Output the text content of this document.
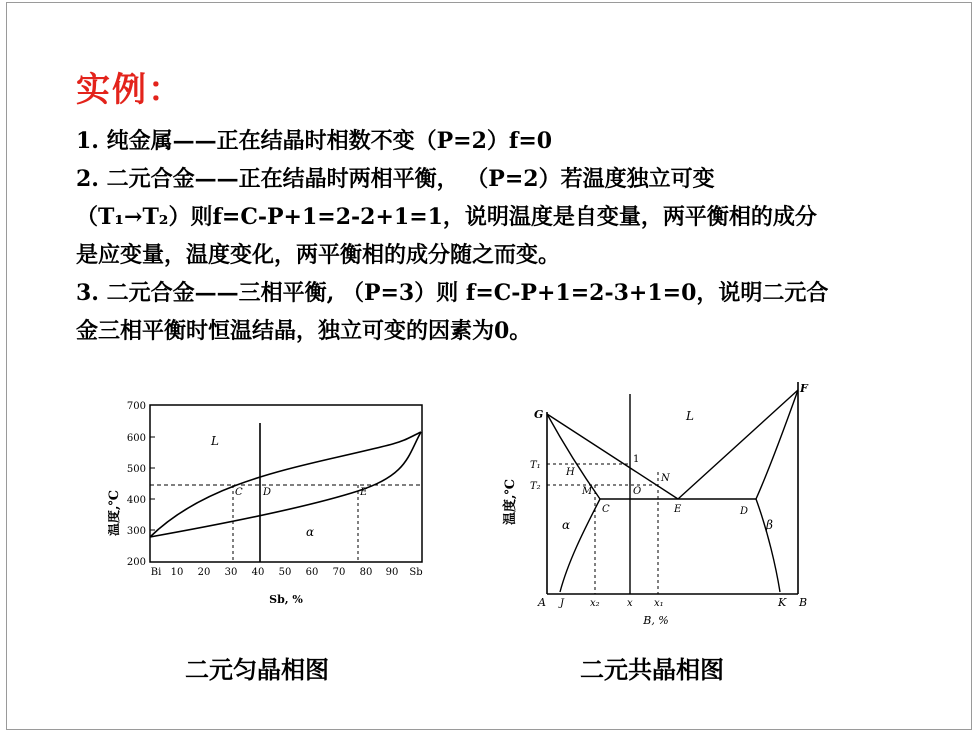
实例：

1. 纯金属——正在结晶时相数不变（P=2）f=0

2. 二元合金——正在结晶时两相平衡， （P=2）若温度独立可变

（T₁→T₂）则f=C-P+1=2-2+1=1，说明温度是自变量，两平衡相的成分

是应变量，温度变化，两平衡相的成分随之而变。

3. 二元合金——三相平衡, （P=3）则 f=C-P+1=2-3+1=0，说明二元合

金三相平衡时恒温结晶，独立可变的因素为0。

温度,℃
700
600
500
400
300
200
Bi 10 20 30 40 50 60 70 80 90 Sb
Sb, %
L
α
C D	E	温度,℃
G
F
L
1
T₁
T₂
H
N
M	O
C	E	D
α	β
A J	x₂	x x₁	K B
B, %
二元匀晶相图	二元共晶相图
